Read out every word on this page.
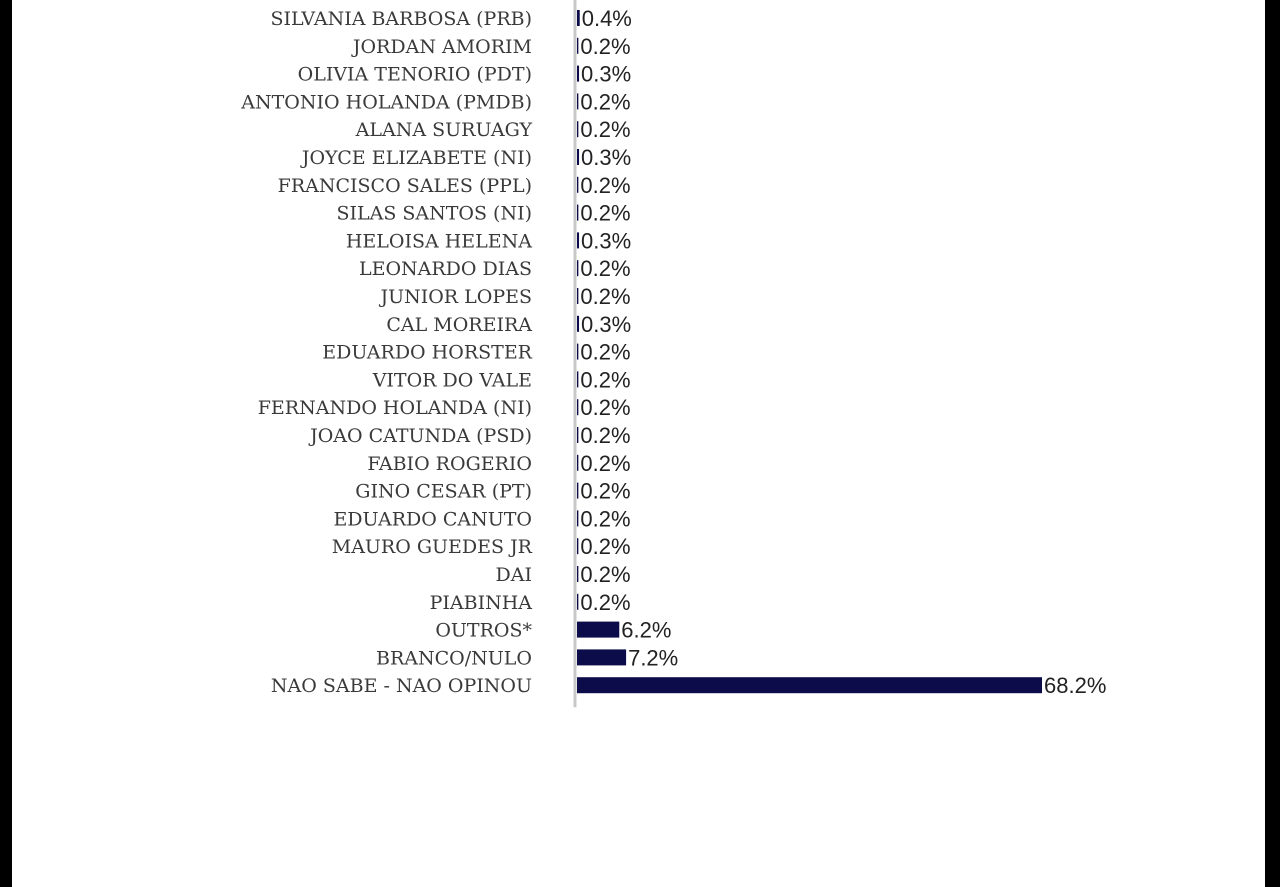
SILVANIA BARBOSA (PRB)
JORDAN AMORIM
OLIVIA TENORIO (PDT)
ANTONIO HOLANDA (PMDB)
ALANA SURUAGY
JOYCE ELIZABETE (NI)
FRANCISCO SALES (PPL)
SILAS SANTOS (NI)
HELOISA HELENA
LEONARDO DIAS
JUNIOR LOPES
CAL MOREIRA
EDUARDO HORSTER
VITOR DO VALE
FERNANDO HOLANDA (NI)
JOAO CATUNDA (PSD)
FABIO ROGERIO
GINO CESAR (PT)
EDUARDO CANUTO
MAURO GUEDES JR
DAI
PIABINHA
OUTROS*
BRANCO/NULO
NAO SABE - NAO OPINOU
0.4%
0.2%
0.3%
0.2%
0.2%
0.3%
0.2%
0.2%
0.3%
0.2%
0.2%
0.3%
0.2%
0.2%
0.2%
0.2%
0.2%
0.2%
0.2%
0.2%
0.2%
0.2%
6.2%
7.2%
68.2%
